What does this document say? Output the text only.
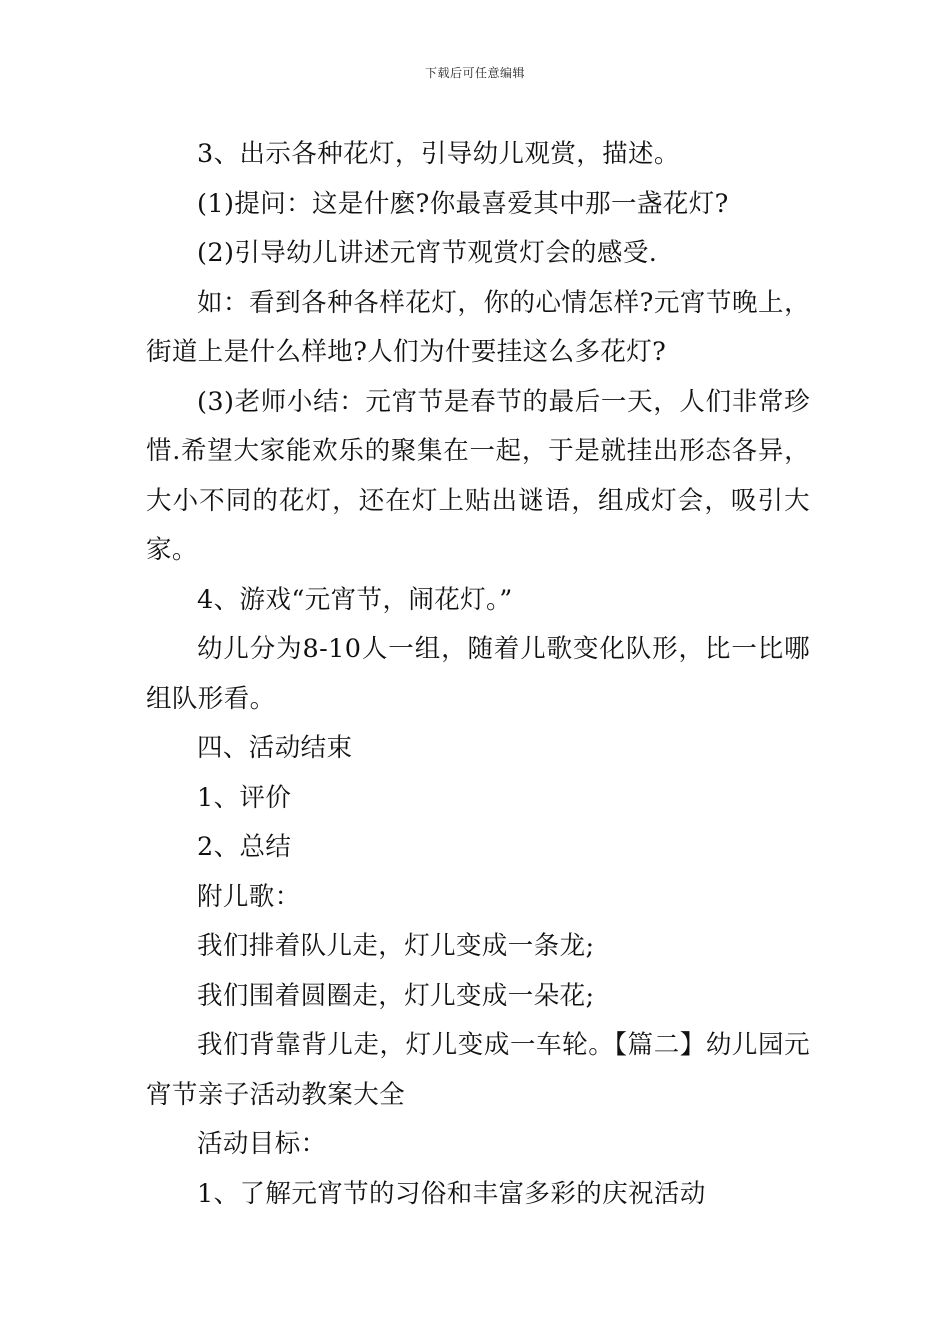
下载后可任意编辑

3、出示各种花灯，引导幼儿观赏，描述。

(1)提问：这是什麽?你最喜爱其中那一盏花灯?

(2)引导幼儿讲述元宵节观赏灯会的感受.

如：看到各种各样花灯，你的心情怎样?元宵节晚上，街道上是什么样地?人们为什要挂这么多花灯?

(3)老师小结：元宵节是春节的最后一天，人们非常珍惜.希望大家能欢乐的聚集在一起，于是就挂出形态各异，大小不同的花灯，还在灯上贴出谜语，组成灯会，吸引大家。

4、游戏“元宵节，闹花灯。”

幼儿分为8-10人一组，随着儿歌变化队形，比一比哪组队形看。

四、活动结束

1、评价

2、总结

附儿歌：

我们排着队儿走，灯儿变成一条龙;

我们围着圆圈走，灯儿变成一朵花;

我们背靠背儿走，灯儿变成一车轮。【篇二】幼儿园元宵节亲子活动教案大全

活动目标：

1、了解元宵节的习俗和丰富多彩的庆祝活动
